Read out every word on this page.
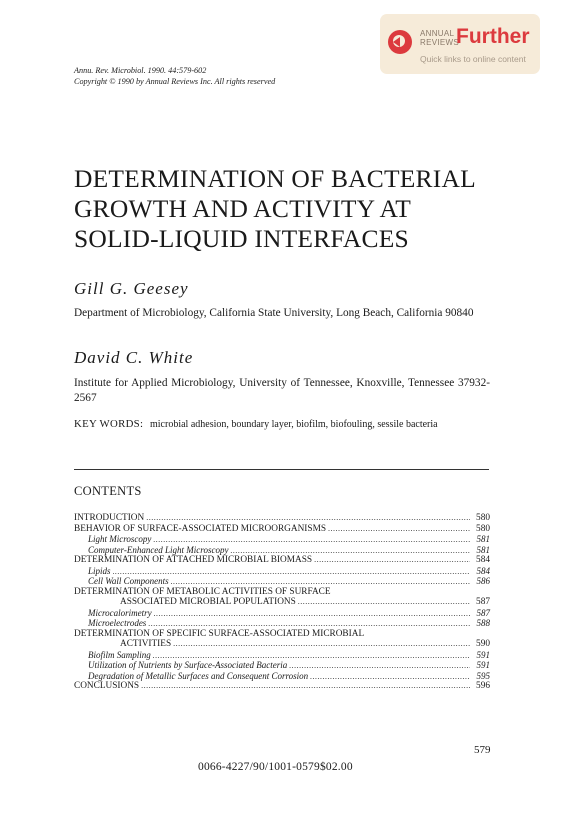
ANNUAL
REVIEWS
Further
Quick links to online content
Annu. Rev. Microbiol. 1990. 44:579-602
Copyright © 1990 by Annual Reviews Inc. All rights reserved
DETERMINATION OF BACTERIAL
GROWTH AND ACTIVITY AT
SOLID-LIQUID INTERFACES
Gill G. Geesey
Department of Microbiology, California State University, Long Beach, California 90840
David C. White
Institute for Applied Microbiology, University of Tennessee, Knoxville, Tennessee 37932-2567
KEY WORDS: microbial adhesion, boundary layer, biofilm, biofouling, sessile bacteria
CONTENTS
INTRODUCTION .....	580
BEHAVIOR OF SURFACE-ASSOCIATED MICROORGANISMS .....	580
Light Microscopy .....	581
Computer-Enhanced Light Microscopy .....	581
DETERMINATION OF ATTACHED MICROBIAL BIOMASS .....	584
Lipids .....	584
Cell Wall Components .....	586
DETERMINATION OF METABOLIC ACTIVITIES OF SURFACE
ASSOCIATED MICROBIAL POPULATIONS .....	587
Microcalorimetry .....	587
Microelectrodes .....	588
DETERMINATION OF SPECIFIC SURFACE-ASSOCIATED MICROBIAL
ACTIVITIES .....	590
Biofilm Sampling .....	591
Utilization of Nutrients by Surface-Associated Bacteria .....	591
Degradation of Metallic Surfaces and Consequent Corrosion .....	595
CONCLUSIONS .....	596
579
0066-4227/90/1001-0579$02.00
